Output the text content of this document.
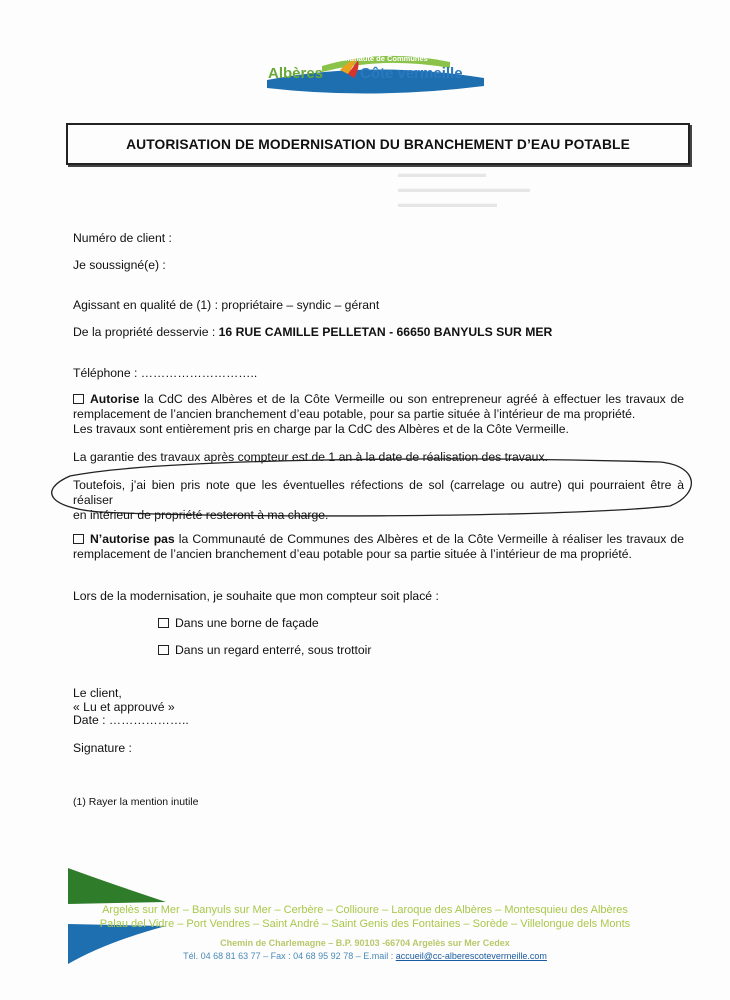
▬▬▬▬▬▬▬▬
▬▬▬▬▬▬▬▬▬▬▬▬
▬▬▬▬▬▬▬▬▬
Communauté de Communes
Albères Côte vermeille
AUTORISATION DE MODERNISATION DU BRANCHEMENT D’EAU POTABLE
Numéro de client :
Je soussigné(e) :
Agissant en qualité de (1) : propriétaire – syndic – gérant
De la propriété desservie : 16 RUE CAMILLE PELLETAN - 66650 BANYULS SUR MER
Téléphone : ………………………..
Autorise la CdC des Albères et de la Côte Vermeille ou son entrepreneur agréé à effectuer les travaux de
remplacement de l’ancien branchement d’eau potable, pour sa partie située à l’intérieur de ma propriété.
Les travaux sont entièrement pris en charge par la CdC des Albères et de la Côte Vermeille.
La garantie des travaux après compteur est de 1 an à la date de réalisation des travaux.
Toutefois, j’ai bien pris note que les éventuelles réfections de sol (carrelage ou autre) qui pourraient être à réaliser
en intérieur de propriété resteront à ma charge.
N’autorise pas la Communauté de Communes des Albères et de la Côte Vermeille à réaliser les travaux de
remplacement de l’ancien branchement d’eau potable pour sa partie située à l’intérieur de ma propriété.
Lors de la modernisation, je souhaite que mon compteur soit placé :
Dans une borne de façade
Dans un regard enterré, sous trottoir
Le client,
« Lu et approuvé »
Date : ………………..
Signature :
(1) Rayer la mention inutile
Argelès sur Mer – Banyuls sur Mer – Cerbère – Collioure – Laroque des Albères – Montesquieu des Albères
Palau del Vidre – Port Vendres – Saint André – Saint Genis des Fontaines – Sorède – Villelongue dels Monts
Chemin de Charlemagne – B.P. 90103 -66704 Argelès sur Mer Cedex
Tél. 04 68 81 63 77 – Fax : 04 68 95 92 78 – E.mail : accueil@cc-alberescotevermeille.com
